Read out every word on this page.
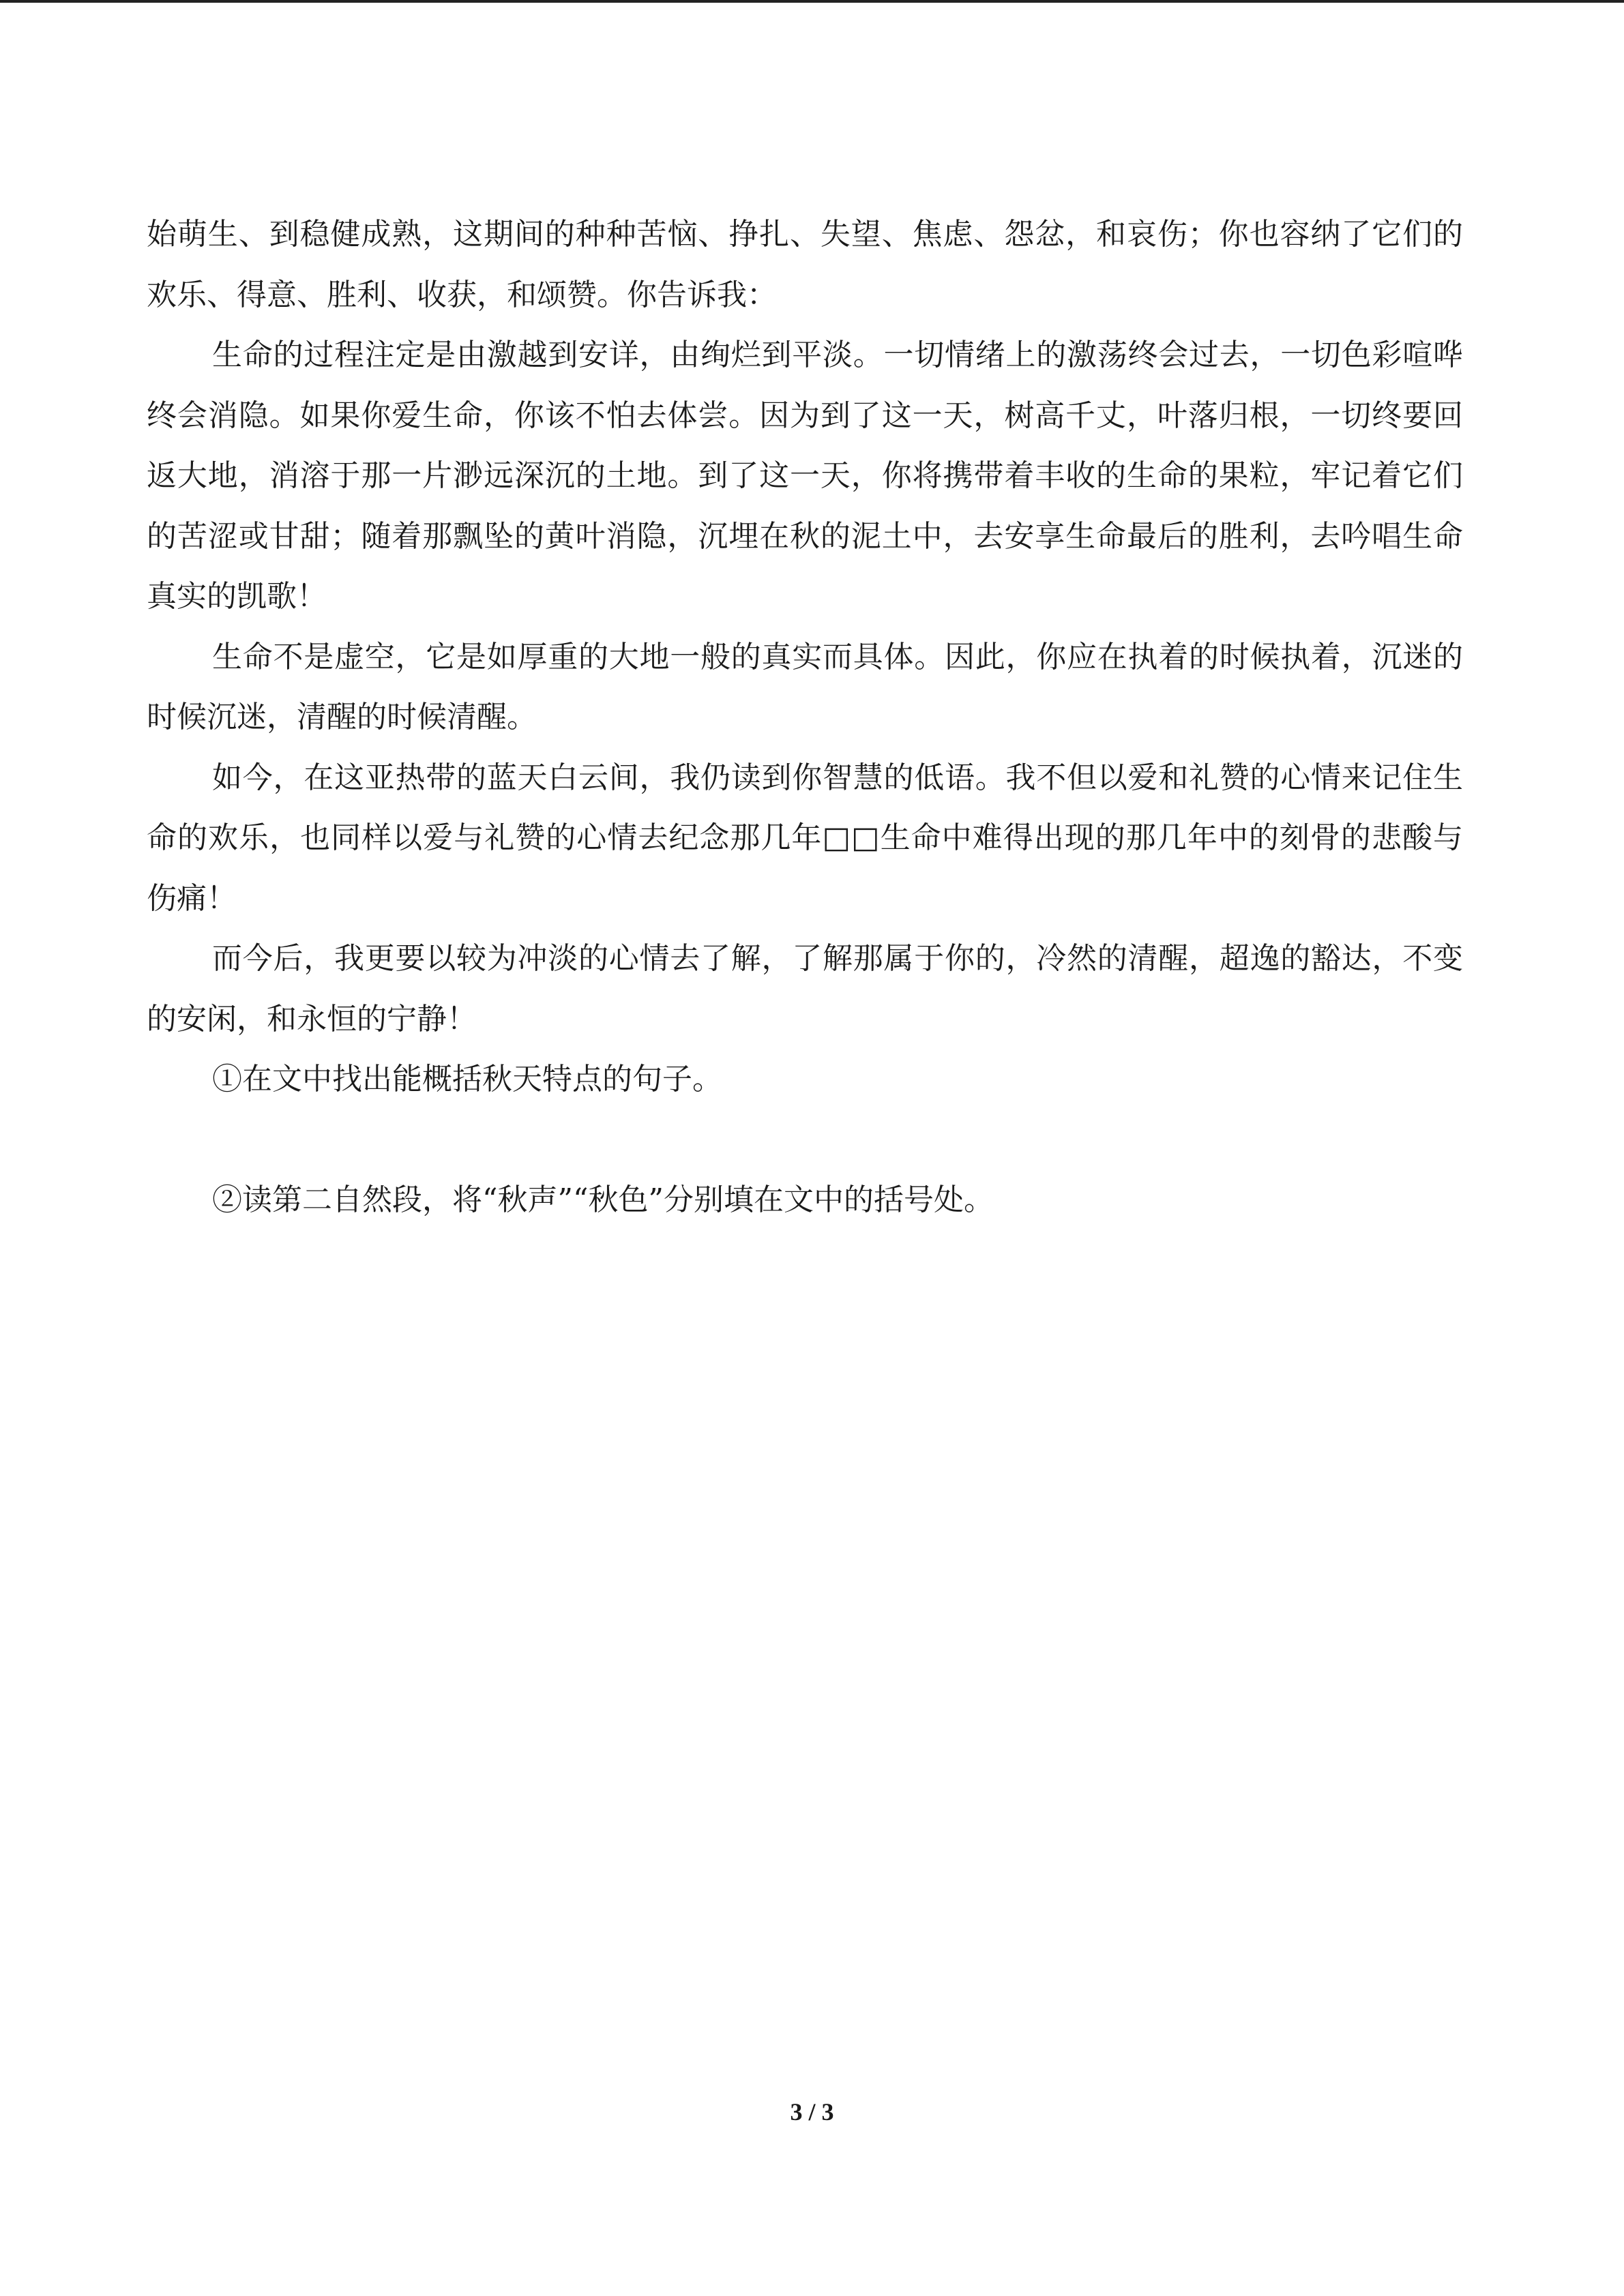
始萌生、到稳健成熟，这期间的种种苦恼、挣扎、失望、焦虑、怨忿，和哀伤；你也容纳了它们的欢乐、得意、胜利、收获，和颂赞。你告诉我：

生命的过程注定是由激越到安详，由绚烂到平淡。一切情绪上的激荡终会过去，一切色彩喧哗终会消隐。如果你爱生命，你该不怕去体尝。因为到了这一天，树高千丈，叶落归根，一切终要回返大地，消溶于那一片渺远深沉的土地。到了这一天，你将携带着丰收的生命的果粒，牢记着它们的苦涩或甘甜；随着那飘坠的黄叶消隐，沉埋在秋的泥土中，去安享生命最后的胜利，去吟唱生命真实的凯歌！

生命不是虚空，它是如厚重的大地一般的真实而具体。因此，你应在执着的时候执着，沉迷的时候沉迷，清醒的时候清醒。

如今，在这亚热带的蓝天白云间，我仍读到你智慧的低语。我不但以爱和礼赞的心情来记住生命的欢乐，也同样以爱与礼赞的心情去纪念那几年□□生命中难得出现的那几年中的刻骨的悲酸与伤痛！

而今后，我更要以较为冲淡的心情去了解，了解那属于你的，冷然的清醒，超逸的豁达，不变的安闲，和永恒的宁静！

①在文中找出能概括秋天特点的句子。

②读第二自然段，将“秋声”“秋色”分别填在文中的括号处。

3 / 3
